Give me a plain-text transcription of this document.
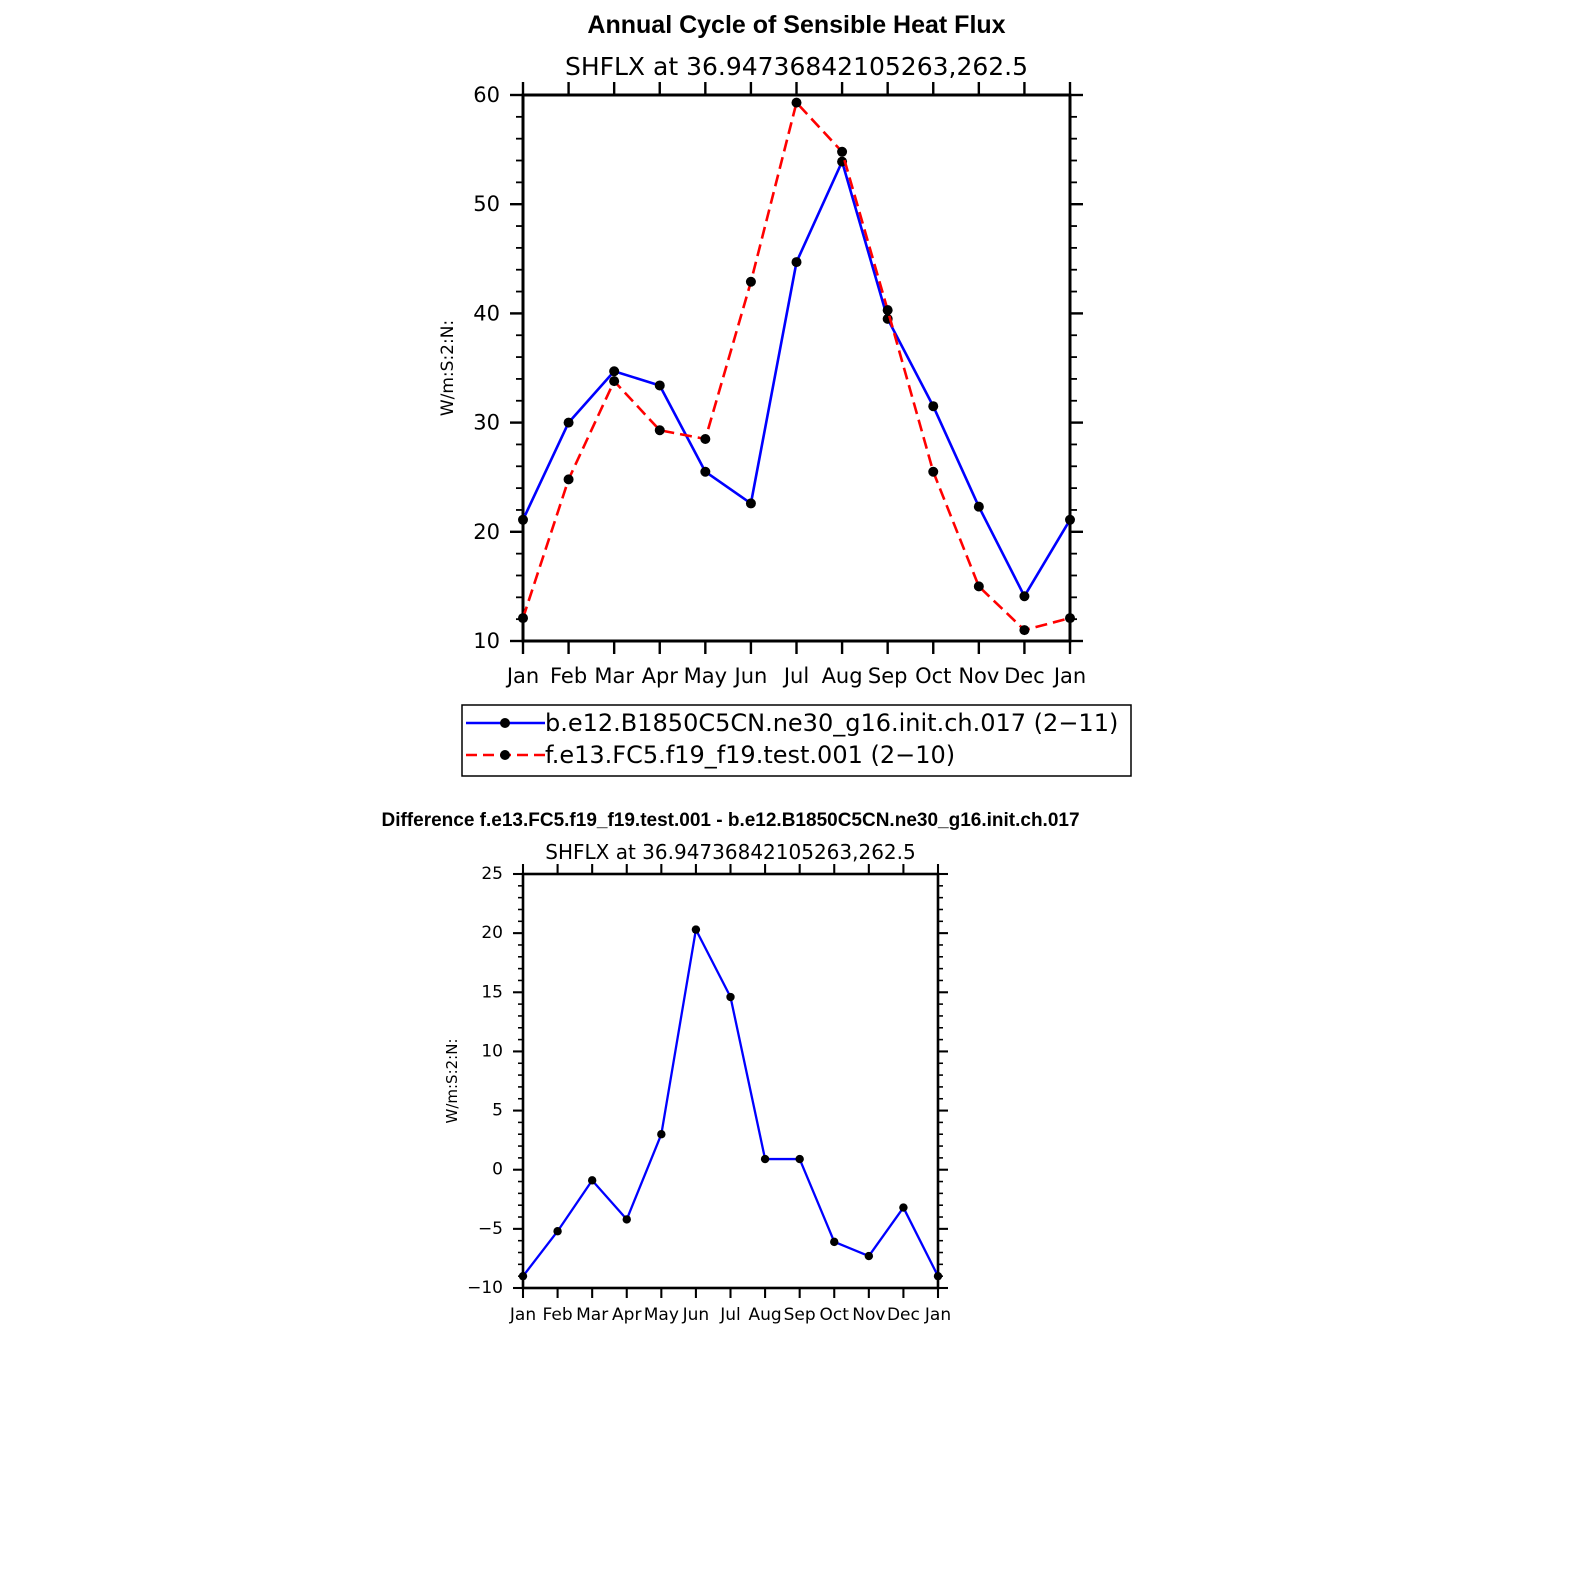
Annual Cycle of Sensible Heat Flux
SHFLX at 36.94736842105263,262.5
W/m:S:2:N:
10
20
30
40
50
60
Jan Feb Mar Apr May Jun Jul Aug Sep Oct Nov Dec Jan
b.e12.B1850C5CN.ne30_g16.init.ch.017 (2−11)
f.e13.FC5.f19_f19.test.001 (2−10)
Difference f.e13.FC5.f19_f19.test.001 - b.e12.B1850C5CN.ne30_g16.init.ch.017
SHFLX at 36.94736842105263,262.5
W/m:S:2:N:
−10
−5
0
5
10
15
20
25
Jan Feb Mar Apr May Jun Jul Aug Sep Oct Nov Dec Jan
